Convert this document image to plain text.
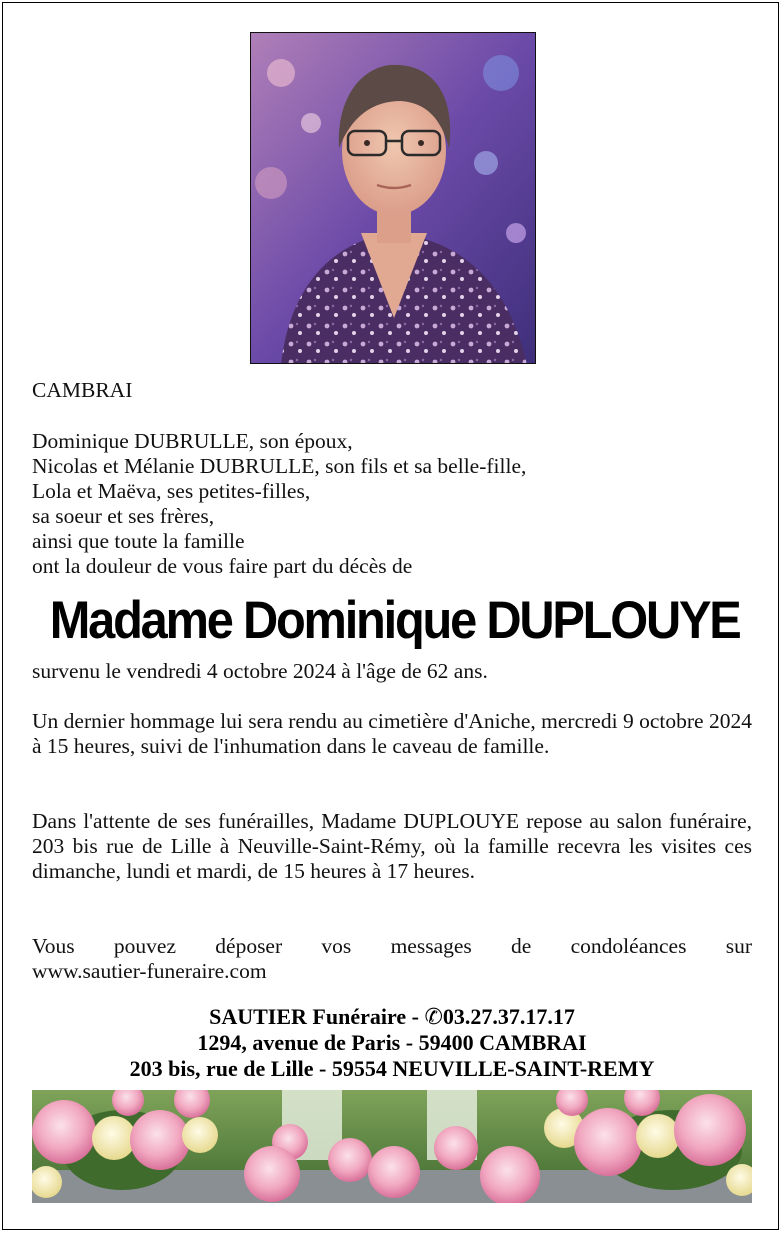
CAMBRAI

Dominique DUBRULLE, son époux,
Nicolas et Mélanie DUBRULLE, son fils et sa belle-fille,
Lola et Maëva, ses petites-filles,
sa soeur et ses frères,
ainsi que toute la famille
ont la douleur de vous faire part du décès de
Madame Dominique DUPLOUYE

survenu le vendredi 4 octobre 2024 à l'âge de 62 ans.

Un dernier hommage lui sera rendu au cimetière d'Aniche, mercredi 9 octobre 2024 à 15 heures, suivi de l'inhumation dans le caveau de famille.

Dans l'attente de ses funérailles, Madame DUPLOUYE repose au salon funéraire, 203 bis rue de Lille à Neuville-Saint-Rémy, où la famille recevra les visites ces dimanche, lundi et mardi, de 15 heures à 17 heures.

Vous pouvez déposer vos messages de condoléances sur www.sautier-funeraire.com

SAUTIER Funéraire - ✆03.27.37.17.17
1294, avenue de Paris - 59400 CAMBRAI
203 bis, rue de Lille - 59554 NEUVILLE-SAINT-REMY
